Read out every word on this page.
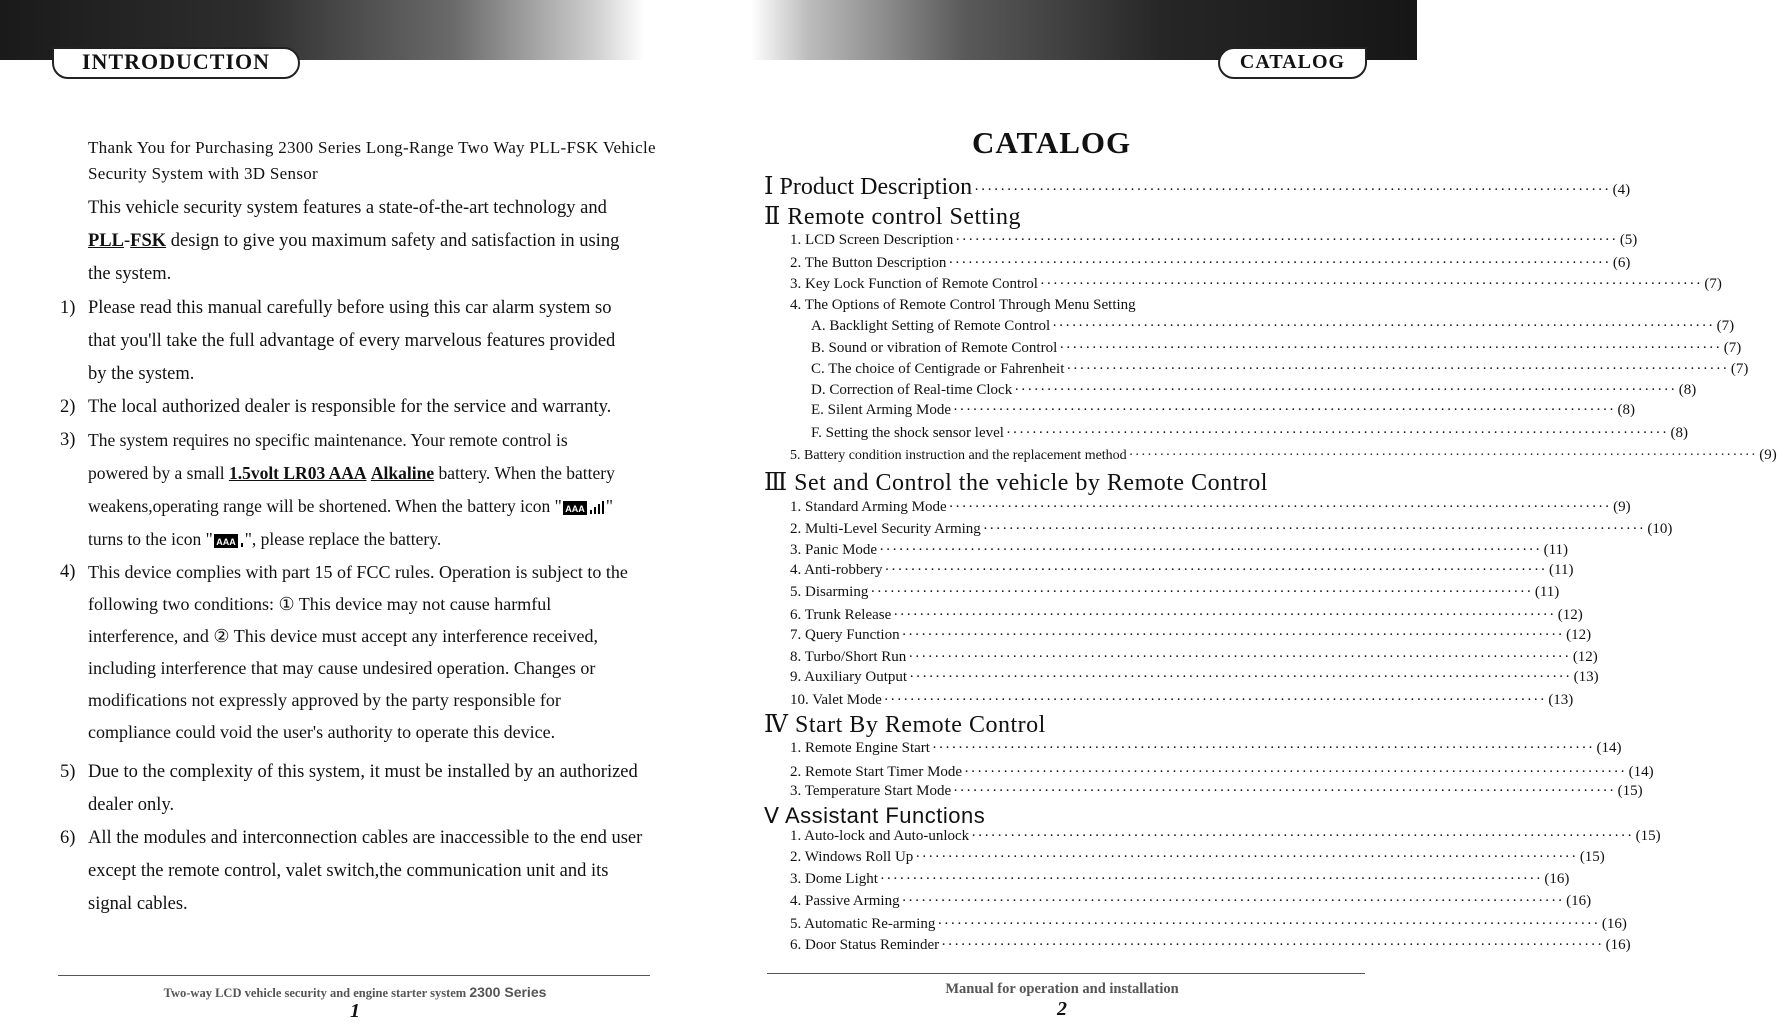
INTRODUCTION	CATALOG
Thank You for Purchasing 2300 Series Long-Range Two Way PLL-FSK Vehicle Security System with 3D Sensor
This vehicle security system features a state-of-the-art technology and
PLL-FSK design to give you maximum safety and satisfaction in using
the system.
1) Please read this manual carefully before using this car alarm system so
that you'll take the full advantage of every marvelous features provided
by the system.
2) The local authorized dealer is responsible for the service and warranty.
3) The system requires no specific maintenance. Your remote control is
powered by a small 1.5volt LR03 AAA Alkaline battery. When the battery
weakens,operating range will be shortened. When the battery icon " AAA "
turns to the icon " AAA ", please replace the battery.
4) This device complies with part 15 of FCC rules. Operation is subject to the
following two conditions: ① This device may not cause harmful
interference, and ② This device must accept any interference received,
including interference that may cause undesired operation. Changes or
modifications not expressly approved by the party responsible for
compliance could void the user's authority to operate this device.
5) Due to the complexity of this system, it must be installed by an authorized
dealer only.
6) All the modules and interconnection cables are inaccessible to the end user
except the remote control, valet switch,the communication unit and its
signal cables.
Two-way LCD vehicle security and engine starter system 2300 Series
1
CATALOG
Ⅰ Product Description ·································································································· (4)
Ⅱ Remote control Setting
1. LCD Screen Description ······································································································ (5)
2. The Button Description ······································································································ (6)
3. Key Lock Function of Remote Control ······································································································ (7)
4. The Options of Remote Control Through Menu Setting
A. Backlight Setting of Remote Control ······································································································ (7)
B. Sound or vibration of Remote Control ······································································································ (7)
C. The choice of Centigrade or Fahrenheit ······································································································ (7)
D. Correction of Real-time Clock ······································································································ (8)
E. Silent Arming Mode ······································································································ (8)
F. Setting the shock sensor level ······································································································ (8)
5. Battery condition instruction and the replacement method ······································································································ (9)
Ⅲ Set and Control the vehicle by Remote Control
1. Standard Arming Mode ······································································································ (9)
2. Multi-Level Security Arming ······································································································ (10)
3. Panic Mode ······································································································ (11)
4. Anti-robbery ······································································································ (11)
5. Disarming ······································································································ (11)
6. Trunk Release ······································································································ (12)
7. Query Function ······································································································ (12)
8. Turbo/Short Run ······································································································ (12)
9. Auxiliary Output ······································································································ (13)
10. Valet Mode ······································································································ (13)
Ⅳ Start By Remote Control
1. Remote Engine Start ······································································································ (14)
2. Remote Start Timer Mode ······································································································ (14)
3. Temperature Start Mode ······································································································ (15)
Ⅴ Assistant Functions
1. Auto-lock and Auto-unlock ······································································································ (15)
2. Windows Roll Up ······································································································ (15)
3. Dome Light ······································································································ (16)
4. Passive Arming ······································································································ (16)
5. Automatic Re-arming ······································································································ (16)
6. Door Status Reminder ······································································································ (16)
Manual for operation and installation
2
